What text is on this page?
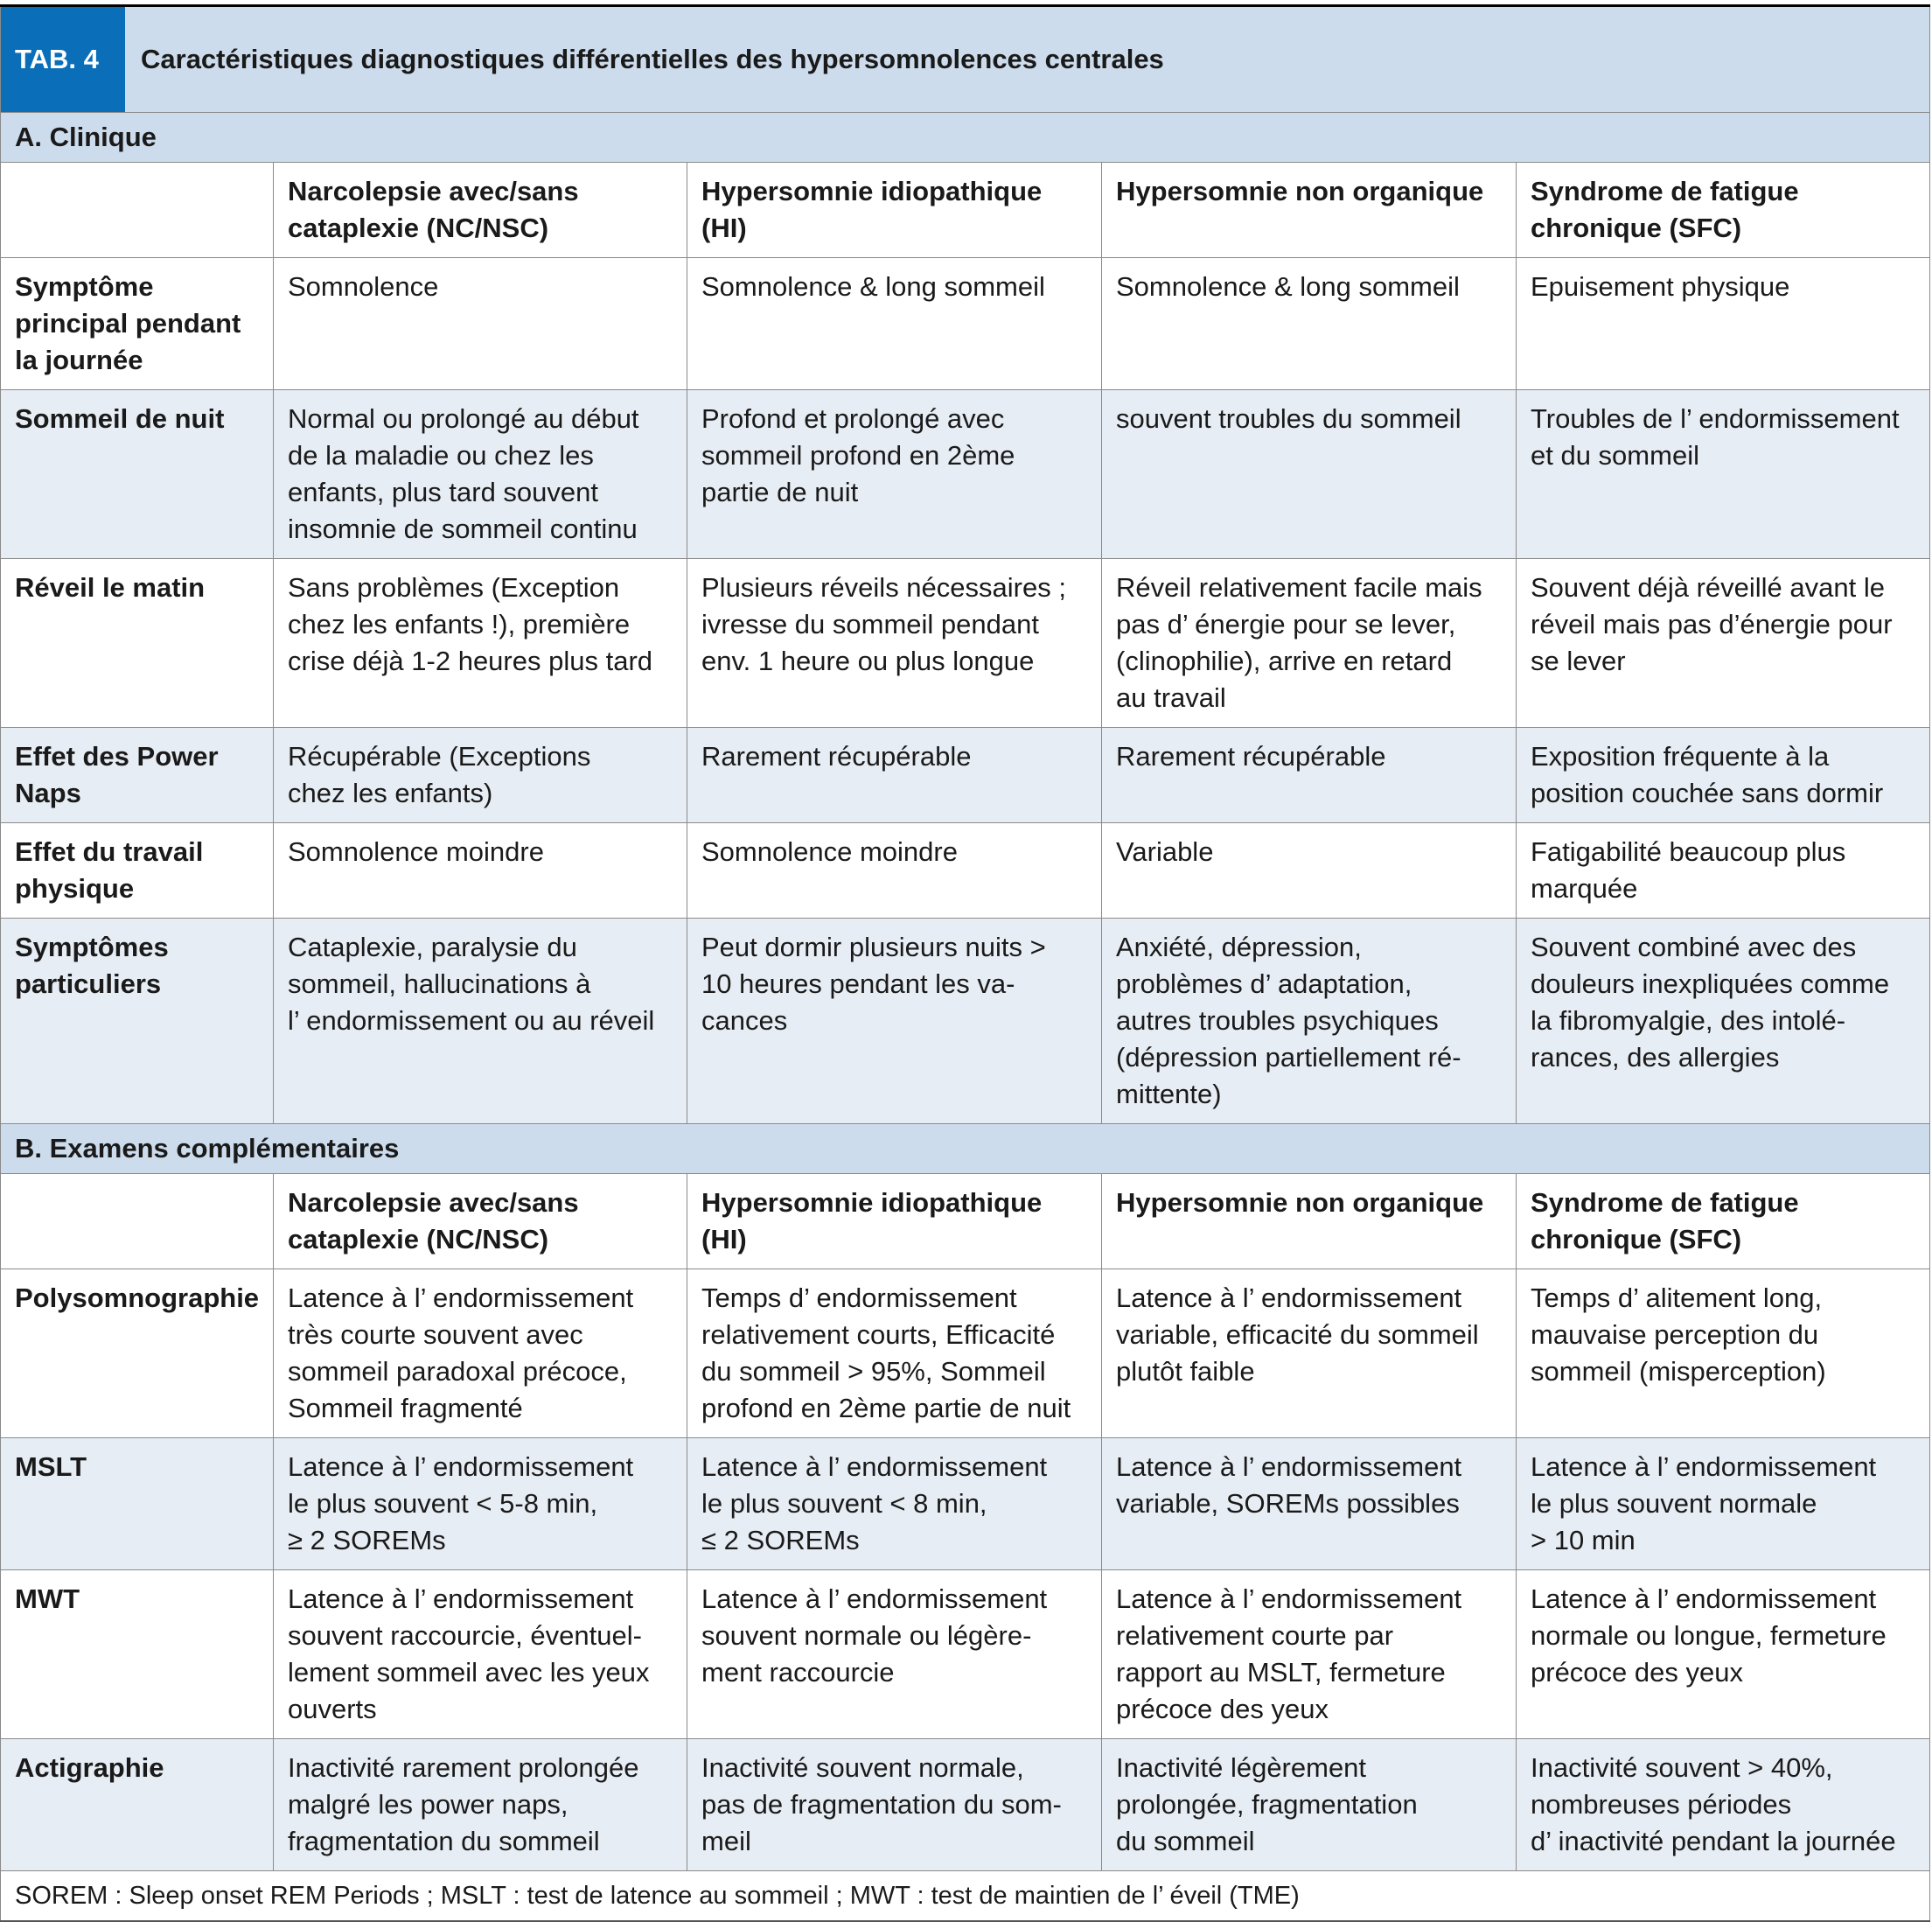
TAB. 4 Caractéristiques diagnostiques différentielles des hypersomnolences centrales				

A. Clinique				
	Narcolepsie avec/sans
cataplexie (NC/NSC)	Hypersomnie idiopathique
(HI)	Hypersomnie non organique	Syndrome de fatigue
chronique (SFC)
Symptôme
principal pendant
la journée	Somnolence	Somnolence & long sommeil	Somnolence & long sommeil	Epuisement physique
Sommeil de nuit	Normal ou prolongé au début
de la maladie ou chez les
enfants, plus tard souvent
insomnie de sommeil continu	Profond et prolongé avec
sommeil profond en 2ème
partie de nuit	souvent troubles du sommeil	Troubles de l’ endormissement
et du sommeil
Réveil le matin	Sans problèmes (Exception
chez les enfants !), première
crise déjà 1-2 heures plus tard	Plusieurs réveils nécessaires ;
ivresse du sommeil pendant
env. 1 heure ou plus longue	Réveil relativement facile mais
pas d’ énergie pour se lever,
(clinophilie), arrive en retard
au travail	Souvent déjà réveillé avant le
réveil mais pas d’énergie pour
se lever
Effet des Power
Naps	Récupérable (Exceptions
chez les enfants)	Rarement récupérable	Rarement récupérable	Exposition fréquente à la
position couchée sans dormir
Effet du travail
physique	Somnolence moindre	Somnolence moindre	Variable	Fatigabilité beaucoup plus
marquée
Symptômes
particuliers	Cataplexie, paralysie du
sommeil, hallucinations à
l’ endormissement ou au réveil	Peut dormir plusieurs nuits >
10 heures pendant les va-
cances	Anxiété, dépression,
problèmes d’ adaptation,
autres troubles psychiques
(dépression partiellement ré-
mittente)	Souvent combiné avec des
douleurs inexpliquées comme
la fibromyalgie, des intolé-
rances, des allergies
B. Examens complémentaires				
	Narcolepsie avec/sans
cataplexie (NC/NSC)	Hypersomnie idiopathique
(HI)	Hypersomnie non organique	Syndrome de fatigue
chronique (SFC)
Polysomnographie	Latence à l’ endormissement
très courte souvent avec
sommeil paradoxal précoce,
Sommeil fragmenté	Temps d’ endormissement
relativement courts, Efficacité
du sommeil > 95%, Sommeil
profond en 2ème partie de nuit	Latence à l’ endormissement
variable, efficacité du sommeil
plutôt faible	Temps d’ alitement long,
mauvaise perception du
sommeil (misperception)
MSLT	Latence à l’ endormissement
le plus souvent < 5-8 min,
≥ 2 SOREMs	Latence à l’ endormissement
le plus souvent < 8 min,
≤ 2 SOREMs	Latence à l’ endormissement
variable, SOREMs possibles	Latence à l’ endormissement
le plus souvent normale
> 10 min
MWT	Latence à l’ endormissement
souvent raccourcie, éventuel-
lement sommeil avec les yeux
ouverts	Latence à l’ endormissement
souvent normale ou légère-
ment raccourcie	Latence à l’ endormissement
relativement courte par
rapport au MSLT, fermeture
précoce des yeux	Latence à l’ endormissement
normale ou longue, fermeture
précoce des yeux
Actigraphie	Inactivité rarement prolongée
malgré les power naps,
fragmentation du sommeil	Inactivité souvent normale,
pas de fragmentation du som-
meil	Inactivité légèrement
prolongée, fragmentation
du sommeil	Inactivité souvent > 40%,
nombreuses périodes
d’ inactivité pendant la journée
SOREM : Sleep onset REM Periods ; MSLT : test de latence au sommeil ; MWT : test de maintien de l’ éveil (TME)				
